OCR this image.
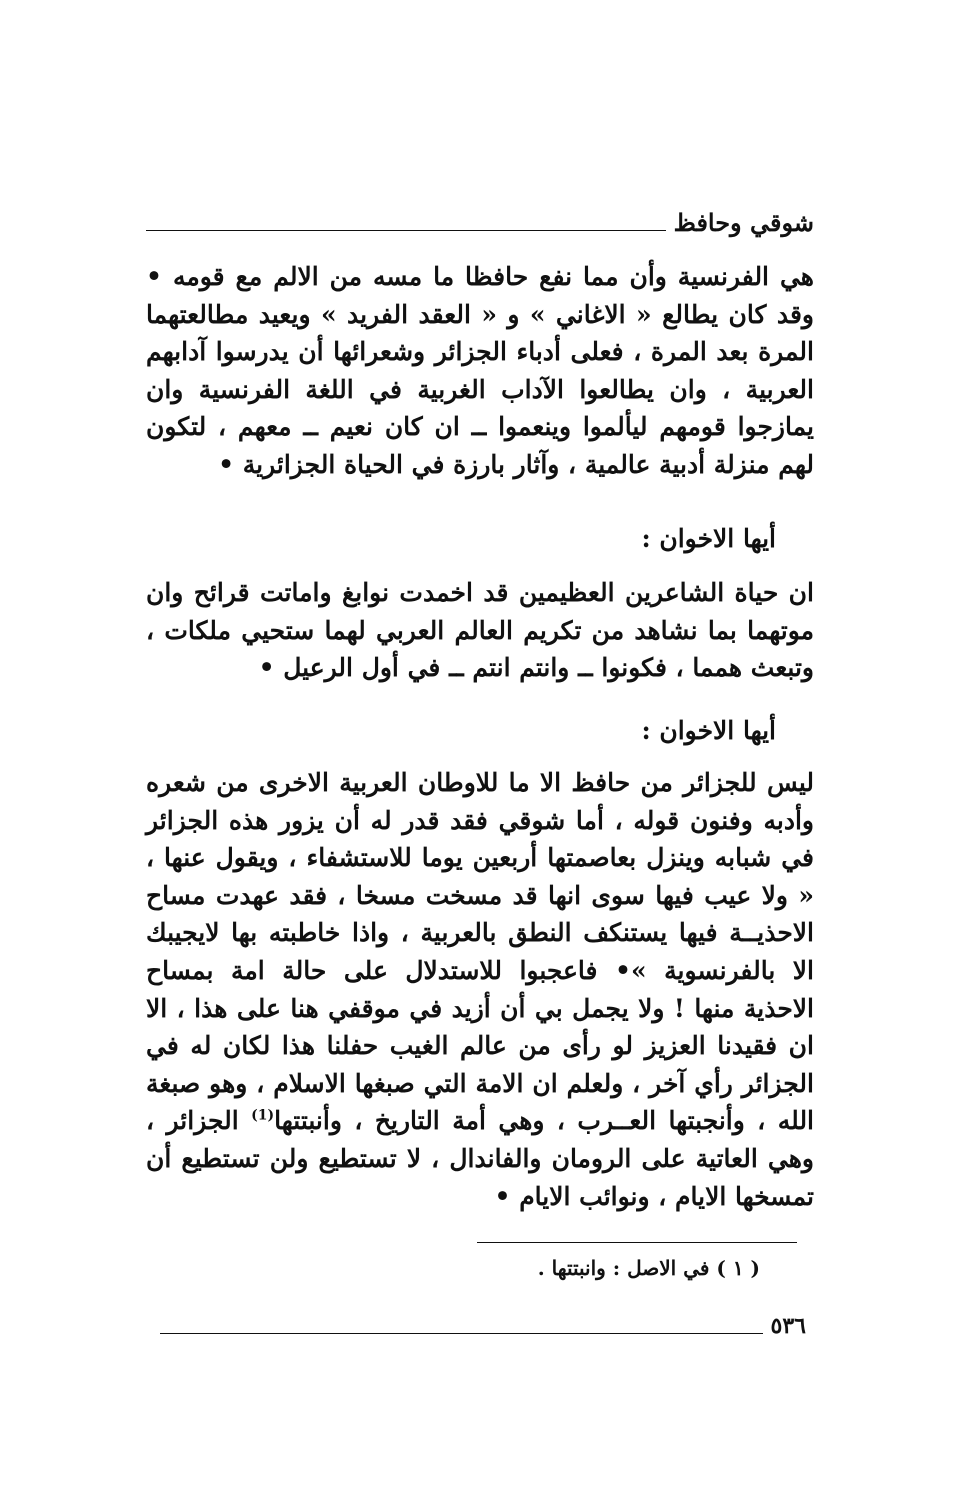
شوقي وحافظ

هي الفرنسية وأن مما نفع حافظا ما مسه من الالم مع قومه • وقد كان يطالع « الاغاني » و « العقد الفريد » ويعيد مطالعتهما المرة بعد المرة ، فعلى أدباء الجزائر وشعرائها أن يدرسوا آدابهم العربية ، وان يطالعوا الآداب الغربية في اللغة الفرنسية وان يمازجوا قومهم ليألموا وينعموا ــ ان كان نعيم ــ معهم ، لتكون لهم منزلة أدبية عالمية ، وآثار بارزة في الحياة الجزائرية •

أيها الاخوان :

ان حياة الشاعرين العظيمين قد اخمدت نوابغ واماتت قرائح وان موتهما بما نشاهد من تكريم العالم العربي لهما ستحيي ملكات ، وتبعث همما ، فكونوا ــ وانتم انتم ــ في أول الرعيل •

أيها الاخوان :

ليس للجزائر من حافظ الا ما للاوطان العربية الاخرى من شعره وأدبه وفنون قوله ، أما شوقي فقد قدر له أن يزور هذه الجزائر في شبابه وينزل بعاصمتها أربعين يوما للاستشفاء ، ويقول عنها ، « ولا عيب فيها سوى انها قد مسخت مسخا ، فقد عهدت مساح الاحذيــة فيها يستنكف النطق بالعربية ، واذا خاطبته بها لايجيبك الا بالفرنسوية »• فاعجبوا للاستدلال على حالة امة بمساح الاحذية منها ! ولا يجمل بي أن أزيد في موقفي هنا على هذا ، الا ان فقيدنا العزيز لو رأى من عالم الغيب حفلنا هذا لكان له في الجزائر رأي آخر ، ولعلم ان الامة التي صبغها الاسلام ، وهو صبغة الله ، وأنجبتها العــرب ، وهي أمة التاريخ ، وأنبتتها$^{(1)}$ الجزائر ، وهي العاتية على الرومان والفاندال ، لا تستطيع ولن تستطيع أن تمسخها الايام ، ونوائب الايام •

( ١ ) في الاصل : وانبتتها .
٥٣٦
